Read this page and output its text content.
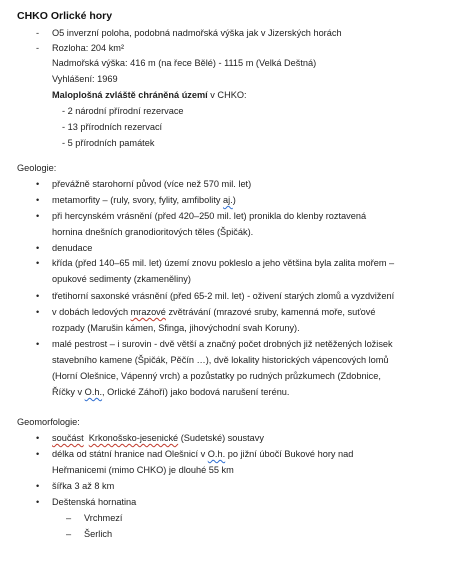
CHKO Orlické hory
- O5 inverzní poloha, podobná nadmořská výška jak v Jizerských horách
- Rozloha: 204 km²
Nadmořská výška: 416 m (na řece Bělé) - 1115 m (Velká Deštná)
Vyhlášení: 1969
Maloplošná zvláště chráněná území v CHKO:
- 2 národní přírodní rezervace
- 13 přírodních rezervací
- 5 přírodních památek
Geologie:
• převážně starohorní původ (více než 570 mil. let)
• metamorfity – (ruly, svory, fylity, amfibolity aj.)
• při hercynském vrásnění (před 420–250 mil. let) pronikla do klenby roztavená
hornina dnešních granodioritových těles (Špičák).
• denudace
• křída (před 140–65 mil. let) území znovu pokleslo a jeho většina byla zalita mořem –
opukové sedimenty (zkameněliny)
• třetihorní saxonské vrásnění (před 65-2 mil. let) - oživení starých zlomů a vyzdvižení
• v dobách ledových mrazové zvětrávání (mrazové sruby, kamenná moře, suťové
rozpady (Marušin kámen, Sfinga, jihovýchodní svah Koruny).
• malé pestrost – i surovin - dvě větší a značný počet drobných již netěžených ložisek
stavebního kamene (Špičák, Pěčín …), dvě lokality historických vápencových lomů
(Horní Olešnice, Vápenný vrch) a pozůstatky po rudných průzkumech (Zdobnice,
Říčky v O.h., Orlické Záhoří) jako bodová narušení terénu.
Geomorfologie:
• součást Krkonošsko-jesenické (Sudetské) soustavy
• délka od státní hranice nad Olešnicí v O.h. po jižní úbočí Bukové hory nad
Heřmanicemi (mimo CHKO) je dlouhé 55 km
• šířka 3 až 8 km
• Deštenská hornatina
– Vrchmezí
– Šerlich
